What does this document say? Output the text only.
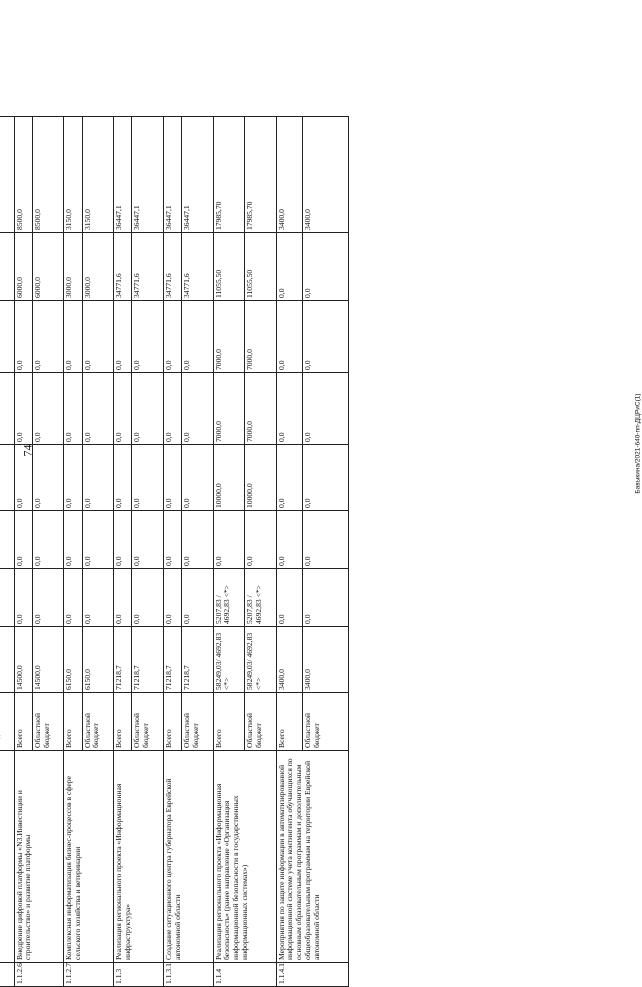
74	Бавыкина/2021-640-пп-ДЦРиС(1)

1.1.2.6	Внедрение цифровой платформы «N3.Инвестиции и строительство» и развитие платформы	Всего	14500,0	0,0	0,0	0,0	0,0	0,0	6000,0	8500,0
		Областной бюджет	14500,0	0,0	0,0	0,0	0,0	0,0	6000,0	8500,0
1.1.2.7	Комплексная информатизация бизнес-процессов в сфере сельского хозяйства и ветеринарии	Всего	6150,0	0,0	0,0	0,0	0,0	0,0	3000,0	3150,0
		Областной бюджет	6150,0	0,0	0,0	0,0	0,0	0,0	3000,0	3150,0
1.1.3	Реализация регионального проекта «Информационная инфраструктура»	Всего	71218,7	0,0	0,0	0,0	0,0	0,0	34771,6	36447,1
		Областной бюджет	71218,7	0,0	0,0	0,0	0,0	0,0	34771,6	36447,1
1.1.3.1	Создание ситуационного центра губернатора Еврейской автономной области	Всего	71218,7	0,0	0,0	0,0	0,0	0,0	34771,6	36447,1
		Областной бюджет	71218,7	0,0	0,0	0,0	0,0	0,0	34771,6	36447,1
1.1.4	Реализация регионального проекта «Информационная безопасность» (ранее направление «Организация информационной безопасности в государственных информационных системах»)	Всего	58249,03/ 4692,83 <*>	5207,83 / 4692,83 <*>	0,0	10000,0	7000,0	7000,0	11055,50	17985,70
		Областной бюджет	58249,03/ 4692,83 <*>	5207,83 / 4692,83 <*>	0,0	10000,0	7000,0	7000,0	11055,50	17985,70
1.1.4.1	Мероприятия по защите информации в автоматизированной информационной системе учета контингента обучающихся по основным образовательным программам и дополнительным общеобразовательным программам на территории Еврейской автономной области	Всего	3400,0	0,0	0,0	0,0	0,0	0,0	0,0	3400,0
		Областной бюджет	3400,0	0,0	0,0	0,0	0,0	0,0	0,0	3400,0
